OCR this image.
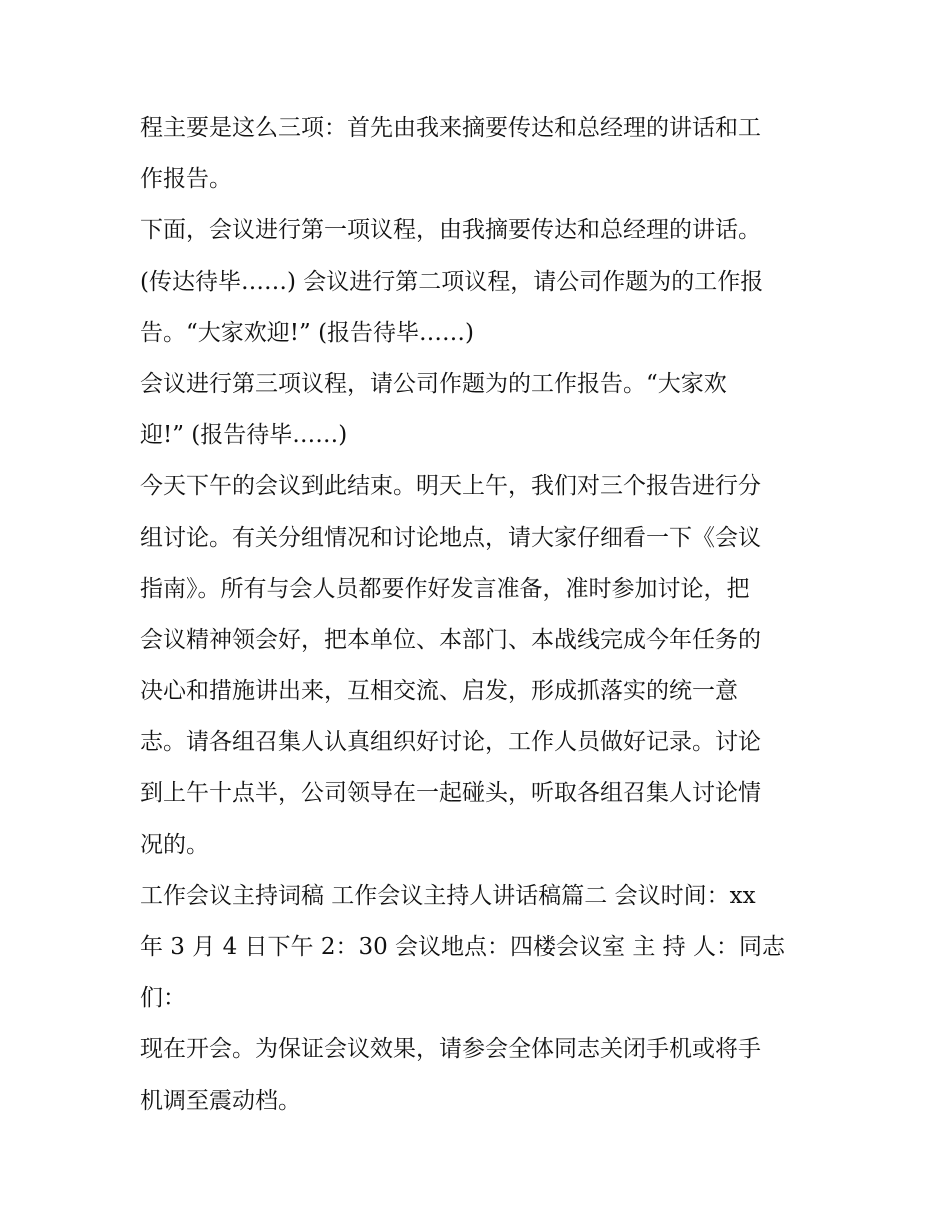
程主要是这么三项：首先由我来摘要传达和总经理的讲话和工
作报告。
下面，会议进行第一项议程，由我摘要传达和总经理的讲话。
(传达待毕……) 会议进行第二项议程，请公司作题为的工作报
告。“大家欢迎!” (报告待毕……)
会议进行第三项议程，请公司作题为的工作报告。“大家欢
迎!” (报告待毕……)
今天下午的会议到此结束。明天上午，我们对三个报告进行分
组讨论。有关分组情况和讨论地点，请大家仔细看一下《会议
指南》。所有与会人员都要作好发言准备，准时参加讨论，把
会议精神领会好，把本单位、本部门、本战线完成今年任务的
决心和措施讲出来，互相交流、启发，形成抓落实的统一意
志。请各组召集人认真组织好讨论，工作人员做好记录。讨论
到上午十点半，公司领导在一起碰头，听取各组召集人讨论情
况的。
工作会议主持词稿 工作会议主持人讲话稿篇二 会议时间：xx
年 3 月 4 日下午 2：30 会议地点：四楼会议室 主 持 人：同志
们：
现在开会。为保证会议效果，请参会全体同志关闭手机或将手
机调至震动档。
